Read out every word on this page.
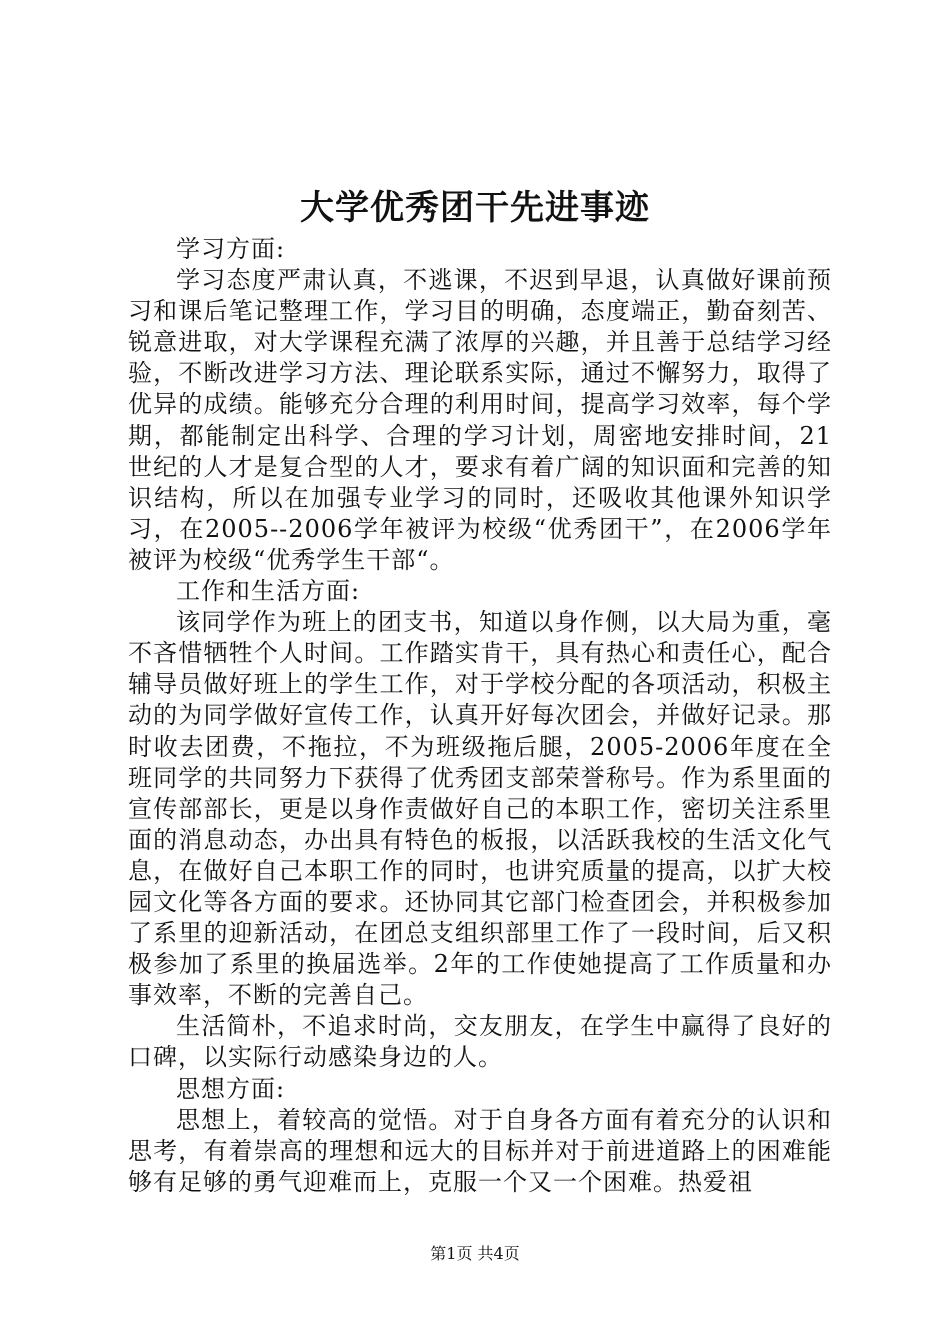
大学优秀团干先进事迹

学习方面:

学习态度严肃认真，不逃课，不迟到早退，认真做好课前预习和课后笔记整理工作，学习目的明确，态度端正，勤奋刻苦、锐意进取，对大学课程充满了浓厚的兴趣，并且善于总结学习经验，不断改进学习方法、理论联系实际，通过不懈努力，取得了优异的成绩。能够充分合理的利用时间，提高学习效率，每个学期，都能制定出科学、合理的学习计划，周密地安排时间，21世纪的人才是复合型的人才，要求有着广阔的知识面和完善的知识结构，所以在加强专业学习的同时，还吸收其他课外知识学习，在2005--2006学年被评为校级“优秀团干”，在2006学年被评为校级“优秀学生干部“。

工作和生活方面:

该同学作为班上的团支书，知道以身作侧，以大局为重，毫不吝惜牺牲个人时间。工作踏实肯干，具有热心和责任心，配合辅导员做好班上的学生工作，对于学校分配的各项活动，积极主动的为同学做好宣传工作，认真开好每次团会，并做好记录。那时收去团费，不拖拉，不为班级拖后腿，2005-2006年度在全班同学的共同努力下获得了优秀团支部荣誉称号。作为系里面的宣传部部长，更是以身作责做好自己的本职工作，密切关注系里面的消息动态，办出具有特色的板报，以活跃我校的生活文化气息，在做好自己本职工作的同时，也讲究质量的提高，以扩大校园文化等各方面的要求。还协同其它部门检查团会，并积极参加了系里的迎新活动，在团总支组织部里工作了一段时间，后又积极参加了系里的换届选举。2年的工作使她提高了工作质量和办事效率，不断的完善自己。

生活简朴，不追求时尚，交友朋友，在学生中赢得了良好的口碑，以实际行动感染身边的人。

思想方面:

思想上，着较高的觉悟。对于自身各方面有着充分的认识和思考，有着崇高的理想和远大的目标并对于前进道路上的困难能够有足够的勇气迎难而上，克服一个又一个困难。热爱祖

第1页 共4页
